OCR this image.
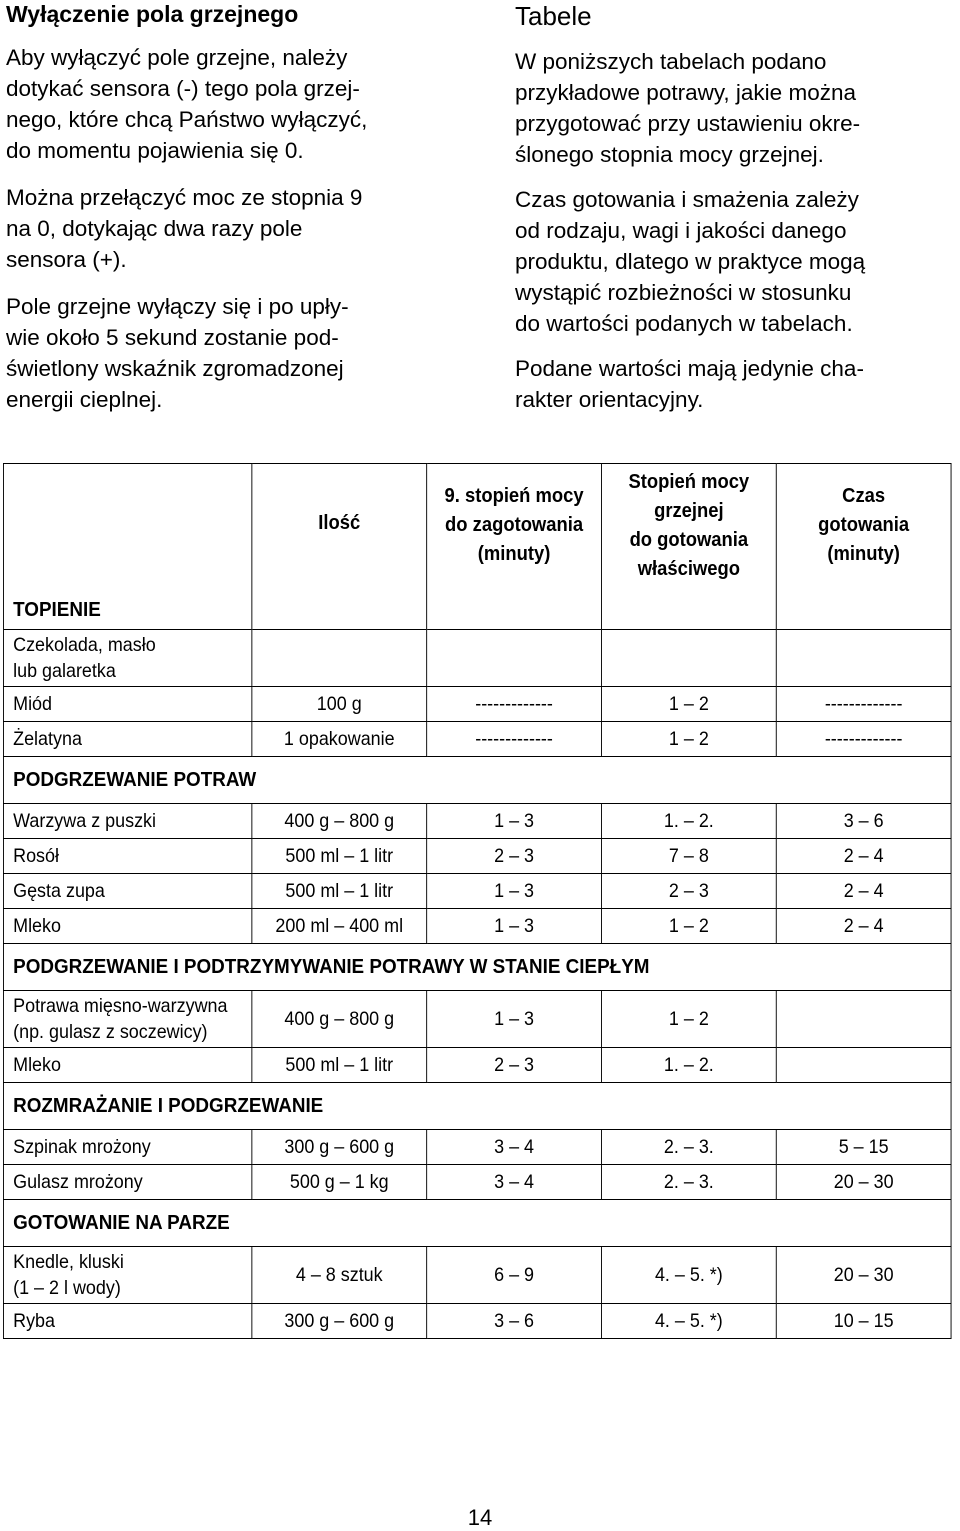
Wyłączenie pola grzejnego

Aby wyłączyć pole grzejne, należy
dotykać sensora (-) tego pola grzej-
nego, które chcą Państwo wyłączyć,
do momentu pojawienia się 0.

Można przełączyć moc ze stopnia 9
na 0, dotykając dwa razy pole
sensora (+).

Pole grzejne wyłączy się i po upły-
wie około 5 sekund zostanie pod-
świetlony wskaźnik zgromadzonej
energii cieplnej.

Tabele

W poniższych tabelach podano
przykładowe potrawy, jakie można
przygotować przy ustawieniu okre-
ślonego stopnia mocy grzejnej.

Czas gotowania i smażenia zależy
od rodzaju, wagi i jakości danego
produktu, dlatego w praktyce mogą
wystąpić rozbieżności w stosunku
do wartości podanych w tabelach.

Podane wartości mają jedynie cha-
rakter orientacyjny.

TOPIENIE	Ilość	9. stopień mocy
do zagotowania
(minuty)	Stopień mocy
grzejnej
do gotowania
właściwego	Czas
gotowania
(minuty)
Czekolada, masło
lub galaretka				
Miód	100 g	-------------	1 – 2	-------------
Żelatyna	1 opakowanie	-------------	1 – 2	-------------
PODGRZEWANIE POTRAW				
Warzywa z puszki	400 g – 800 g	1 – 3	1. – 2.	3 – 6
Rosół	500 ml – 1 litr	2 – 3	7 – 8	2 – 4
Gęsta zupa	500 ml – 1 litr	1 – 3	2 – 3	2 – 4
Mleko	200 ml – 400 ml	1 – 3	1 – 2	2 – 4
PODGRZEWANIE I PODTRZYMYWANIE POTRAWY W STANIE CIEPŁYM				
Potrawa mięsno-warzywna
(np. gulasz z soczewicy)	400 g – 800 g	1 – 3	1 – 2	
Mleko	500 ml – 1 litr	2 – 3	1. – 2.	
ROZMRAŻANIE I PODGRZEWANIE				
Szpinak mrożony	300 g – 600 g	3 – 4	2. – 3.	5 – 15
Gulasz mrożony	500 g – 1 kg	3 – 4	2. – 3.	20 – 30
GOTOWANIE NA PARZE				
Knedle, kluski
(1 – 2 l wody)	4 – 8 sztuk	6 – 9	4. – 5. *)	20 – 30
Ryba	300 g – 600 g	3 – 6	4. – 5. *)	10 – 15
14
